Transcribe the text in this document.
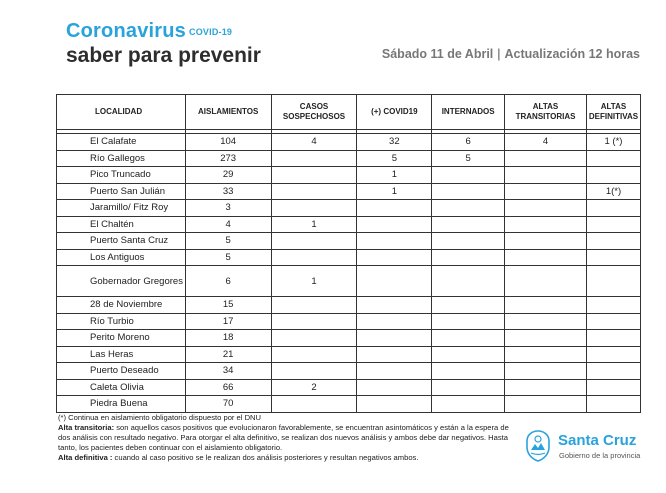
Coronavirus COVID-19
saber para prevenir	Sábado 11 de Abril | Actualización 12 horas
LOCALIDAD	AISLAMIENTOS	CASOS SOSPECHOSOS	(+) COVID19	INTERNADOS	ALTAS TRANSITORIAS	ALTAS DEFINITIVAS

El Calafate	104	4	32	6	4	1 (*)
Río Gallegos	273		5	5		
Pico Truncado	29		1			
Puerto San Julián	33		1			1(*)
Jaramillo/ Fitz Roy	3					
El Chaltén	4	1				
Puerto Santa Cruz	5					
Los Antiguos	5					
Gobernador Gregores	6	1				
28 de Noviembre	15					
Río Turbio	17					
Perito Moreno	18					
Las Heras	21					
Puerto Deseado	34					
Caleta Olivia	66	2				
Piedra Buena	70					
(*) Continua en aislamiento obligatorio dispuesto por el DNU
Alta transitoria: son aquellos casos positivos que evolucionaron favorablemente, se encuentran asintomáticos y están a la espera de dos análisis con resultado negativo. Para otorgar el alta definitivo, se realizan dos nuevos análisis y ambos debe dar negativos. Hasta tanto, los pacientes deben continuar con el aislamiento obligatorio.
Alta definitiva : cuando al caso positivo se le realizan dos análisis posteriores y resultan negativos ambos.
Santa Cruz
Gobierno de la provincia
